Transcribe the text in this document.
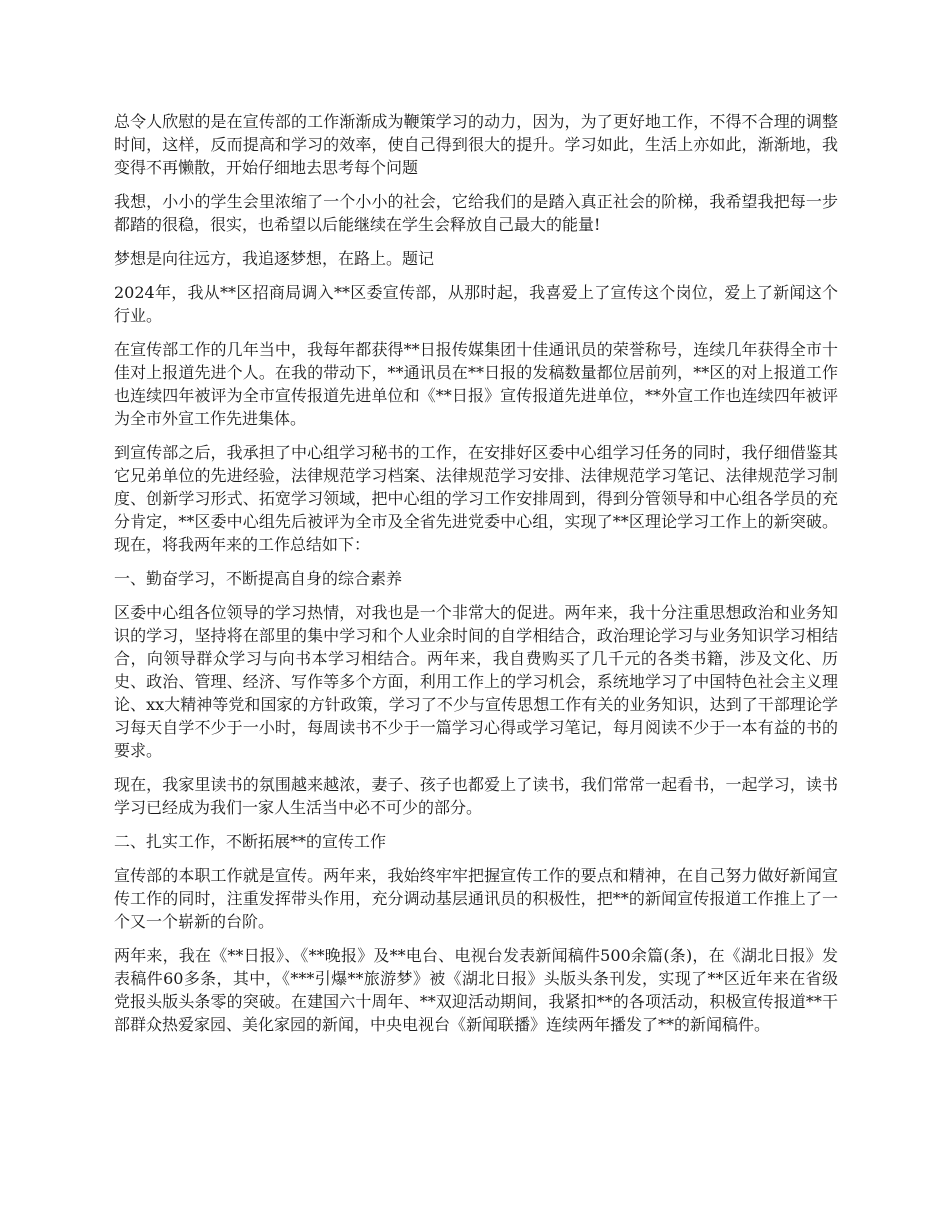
总令人欣慰的是在宣传部的工作渐渐成为鞭策学习的动力，因为，为了更好地工作，不得不合理的调整时间，这样，反而提高和学习的效率，使自己得到很大的提升。学习如此，生活上亦如此，渐渐地，我变得不再懒散，开始仔细地去思考每个问题

我想，小小的学生会里浓缩了一个小小的社会，它给我们的是踏入真正社会的阶梯，我希望我把每一步都踏的很稳，很实，也希望以后能继续在学生会释放自己最大的能量!

梦想是向往远方，我追逐梦想，在路上。题记

2024年，我从**区招商局调入**区委宣传部，从那时起，我喜爱上了宣传这个岗位，爱上了新闻这个行业。

在宣传部工作的几年当中，我每年都获得**日报传媒集团十佳通讯员的荣誉称号，连续几年获得全市十佳对上报道先进个人。在我的带动下，**通讯员在**日报的发稿数量都位居前列，**区的对上报道工作也连续四年被评为全市宣传报道先进单位和《**日报》宣传报道先进单位，**外宣工作也连续四年被评为全市外宣工作先进集体。

到宣传部之后，我承担了中心组学习秘书的工作，在安排好区委中心组学习任务的同时，我仔细借鉴其它兄弟单位的先进经验，法律规范学习档案、法律规范学习安排、法律规范学习笔记、法律规范学习制度、创新学习形式、拓宽学习领域，把中心组的学习工作安排周到，得到分管领导和中心组各学员的充分肯定，**区委中心组先后被评为全市及全省先进党委中心组，实现了**区理论学习工作上的新突破。现在，将我两年来的工作总结如下：

一、勤奋学习，不断提高自身的综合素养

区委中心组各位领导的学习热情，对我也是一个非常大的促进。两年来，我十分注重思想政治和业务知识的学习，坚持将在部里的集中学习和个人业余时间的自学相结合，政治理论学习与业务知识学习相结合，向领导群众学习与向书本学习相结合。两年来，我自费购买了几千元的各类书籍，涉及文化、历史、政治、管理、经济、写作等多个方面，利用工作上的学习机会，系统地学习了中国特色社会主义理论、xx大精神等党和国家的方针政策，学习了不少与宣传思想工作有关的业务知识，达到了干部理论学习每天自学不少于一小时，每周读书不少于一篇学习心得或学习笔记，每月阅读不少于一本有益的书的要求。

现在，我家里读书的氛围越来越浓，妻子、孩子也都爱上了读书，我们常常一起看书，一起学习，读书学习已经成为我们一家人生活当中必不可少的部分。

二、扎实工作，不断拓展**的宣传工作

宣传部的本职工作就是宣传。两年来，我始终牢牢把握宣传工作的要点和精神，在自己努力做好新闻宣传工作的同时，注重发挥带头作用，充分调动基层通讯员的积极性，把**的新闻宣传报道工作推上了一个又一个崭新的台阶。

两年来，我在《**日报》、《**晚报》及**电台、电视台发表新闻稿件500余篇(条)，在《湖北日报》发表稿件60多条，其中，《***引爆**旅游梦》被《湖北日报》头版头条刊发，实现了**区近年来在省级党报头版头条零的突破。在建国六十周年、**双迎活动期间，我紧扣**的各项活动，积极宣传报道**干部群众热爱家园、美化家园的新闻，中央电视台《新闻联播》连续两年播发了**的新闻稿件。
